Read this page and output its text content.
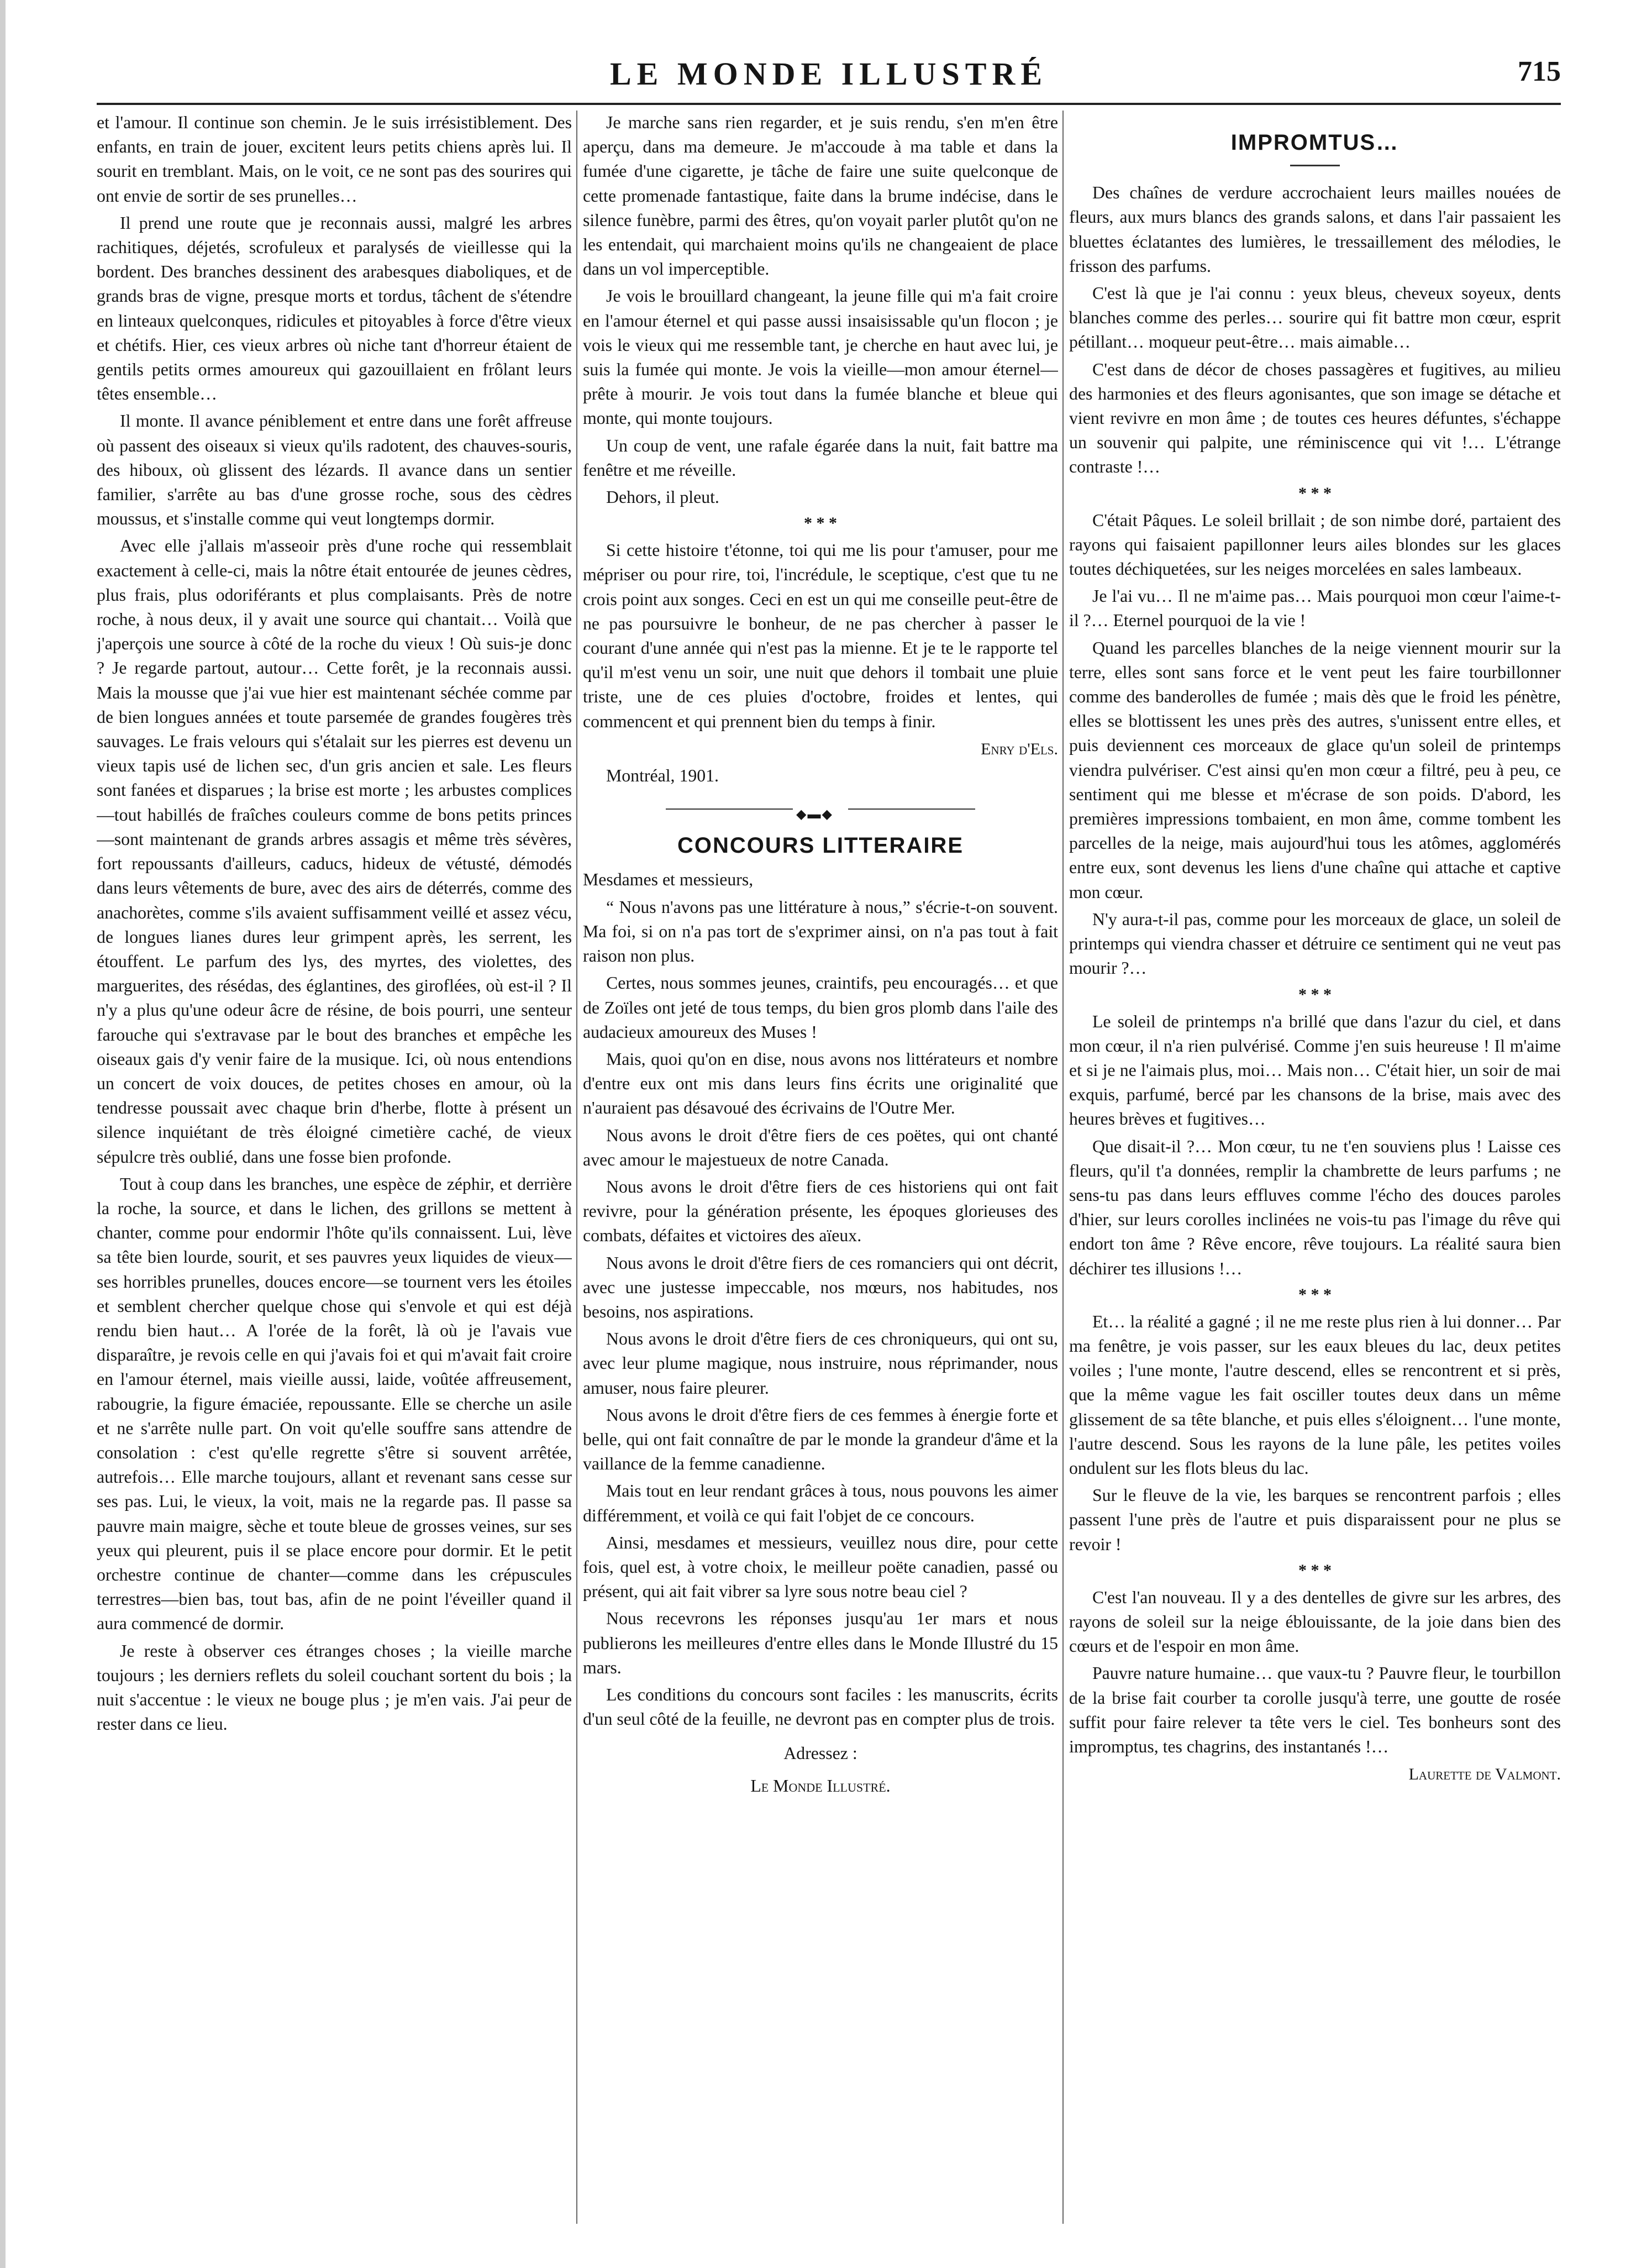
LE MONDE ILLUSTRÉ	715

et l'amour. Il continue son chemin. Je le suis irrésistiblement. Des enfants, en train de jouer, excitent leurs petits chiens après lui. Il sourit en tremblant. Mais, on le voit, ce ne sont pas des sourires qui ont envie de sortir de ses prunelles…

Il prend une route que je reconnais aussi, malgré les arbres rachitiques, déjetés, scrofuleux et paralysés de vieillesse qui la bordent. Des branches dessinent des arabesques diaboliques, et de grands bras de vigne, presque morts et tordus, tâchent de s'étendre en linteaux quelconques, ridicules et pitoyables à force d'être vieux et chétifs. Hier, ces vieux arbres où niche tant d'horreur étaient de gentils petits ormes amoureux qui gazouillaient en frôlant leurs têtes ensemble…

Il monte. Il avance péniblement et entre dans une forêt affreuse où passent des oiseaux si vieux qu'ils radotent, des chauves-souris, des hiboux, où glissent des lézards. Il avance dans un sentier familier, s'arrête au bas d'une grosse roche, sous des cèdres moussus, et s'installe comme qui veut longtemps dormir.

Avec elle j'allais m'asseoir près d'une roche qui ressemblait exactement à celle-ci, mais la nôtre était entourée de jeunes cèdres, plus frais, plus odoriférants et plus complaisants. Près de notre roche, à nous deux, il y avait une source qui chantait… Voilà que j'aperçois une source à côté de la roche du vieux ! Où suis-je donc ? Je regarde partout, autour… Cette forêt, je la reconnais aussi. Mais la mousse que j'ai vue hier est maintenant séchée comme par de bien longues années et toute parsemée de grandes fougères très sauvages. Le frais velours qui s'étalait sur les pierres est devenu un vieux tapis usé de lichen sec, d'un gris ancien et sale. Les fleurs sont fanées et disparues ; la brise est morte ; les arbustes complices —tout habillés de fraîches couleurs comme de bons petits princes—sont maintenant de grands arbres assagis et même très sévères, fort repoussants d'ailleurs, caducs, hideux de vétusté, démodés dans leurs vêtements de bure, avec des airs de déterrés, comme des anachorètes, comme s'ils avaient suffisamment veillé et assez vécu, de longues lianes dures leur grimpent après, les serrent, les étouffent. Le parfum des lys, des myrtes, des violettes, des marguerites, des résédas, des églantines, des giroflées, où est-il ? Il n'y a plus qu'une odeur âcre de résine, de bois pourri, une senteur farouche qui s'extravase par le bout des branches et empêche les oiseaux gais d'y venir faire de la musique. Ici, où nous entendions un concert de voix douces, de petites choses en amour, où la tendresse poussait avec chaque brin d'herbe, flotte à présent un silence inquiétant de très éloigné cimetière caché, de vieux sépulcre très oublié, dans une fosse bien profonde.

Tout à coup dans les branches, une espèce de zéphir, et derrière la roche, la source, et dans le lichen, des grillons se mettent à chanter, comme pour endormir l'hôte qu'ils connaissent. Lui, lève sa tête bien lourde, sourit, et ses pauvres yeux liquides de vieux—ses horribles prunelles, douces encore—se tournent vers les étoiles et semblent chercher quelque chose qui s'envole et qui est déjà rendu bien haut… A l'orée de la forêt, là où je l'avais vue disparaître, je revois celle en qui j'avais foi et qui m'avait fait croire en l'amour éternel, mais vieille aussi, laide, voûtée affreusement, rabougrie, la figure émaciée, repoussante. Elle se cherche un asile et ne s'arrête nulle part. On voit qu'elle souffre sans attendre de consolation : c'est qu'elle regrette s'être si souvent arrêtée, autrefois… Elle marche toujours, allant et revenant sans cesse sur ses pas. Lui, le vieux, la voit, mais ne la regarde pas. Il passe sa pauvre main maigre, sèche et toute bleue de grosses veines, sur ses yeux qui pleurent, puis il se place encore pour dormir. Et le petit orchestre continue de chanter—comme dans les crépuscules terrestres—bien bas, tout bas, afin de ne point l'éveiller quand il aura commencé de dormir.

Je reste à observer ces étranges choses ; la vieille marche toujours ; les derniers reflets du soleil couchant sortent du bois ; la nuit s'accentue : le vieux ne bouge plus ; je m'en vais. J'ai peur de rester dans ce lieu.

Je marche sans rien regarder, et je suis rendu, s'en m'en être aperçu, dans ma demeure. Je m'accoude à ma table et dans la fumée d'une cigarette, je tâche de faire une suite quelconque de cette promenade fantastique, faite dans la brume indécise, dans le silence funèbre, parmi des êtres, qu'on voyait parler plutôt qu'on ne les entendait, qui marchaient moins qu'ils ne changeaient de place dans un vol imperceptible.

Je vois le brouillard changeant, la jeune fille qui m'a fait croire en l'amour éternel et qui passe aussi insaisissable qu'un flocon ; je vois le vieux qui me ressemble tant, je cherche en haut avec lui, je suis la fumée qui monte. Je vois la vieille—mon amour éternel—prête à mourir. Je vois tout dans la fumée blanche et bleue qui monte, qui monte toujours.

Un coup de vent, une rafale égarée dans la nuit, fait battre ma fenêtre et me réveille.

Dehors, il pleut.

* * *

Si cette histoire t'étonne, toi qui me lis pour t'amuser, pour me mépriser ou pour rire, toi, l'incrédule, le sceptique, c'est que tu ne crois point aux songes. Ceci en est un qui me conseille peut-être de ne pas poursuivre le bonheur, de ne pas chercher à passer le courant d'une année qui n'est pas la mienne. Et je te le rapporte tel qu'il m'est venu un soir, une nuit que dehors il tombait une pluie triste, une de ces pluies d'octobre, froides et lentes, qui commencent et qui prennent bien du temps à finir.

Enry d'Els.

Montréal, 1901.

◆▬◆
CONCOURS LITTERAIRE

Mesdames et messieurs,

“ Nous n'avons pas une littérature à nous,” s'écrie-t-on souvent. Ma foi, si on n'a pas tort de s'exprimer ainsi, on n'a pas tout à fait raison non plus.

Certes, nous sommes jeunes, craintifs, peu encouragés… et que de Zoïles ont jeté de tous temps, du bien gros plomb dans l'aile des audacieux amoureux des Muses !

Mais, quoi qu'on en dise, nous avons nos littérateurs et nombre d'entre eux ont mis dans leurs fins écrits une originalité que n'auraient pas désavoué des écrivains de l'Outre Mer.

Nous avons le droit d'être fiers de ces poëtes, qui ont chanté avec amour le majestueux de notre Canada.

Nous avons le droit d'être fiers de ces historiens qui ont fait revivre, pour la génération présente, les époques glorieuses des combats, défaites et victoires des aïeux.

Nous avons le droit d'être fiers de ces romanciers qui ont décrit, avec une justesse impeccable, nos mœurs, nos habitudes, nos besoins, nos aspirations.

Nous avons le droit d'être fiers de ces chroniqueurs, qui ont su, avec leur plume magique, nous instruire, nous réprimander, nous amuser, nous faire pleurer.

Nous avons le droit d'être fiers de ces femmes à énergie forte et belle, qui ont fait connaître de par le monde la grandeur d'âme et la vaillance de la femme canadienne.

Mais tout en leur rendant grâces à tous, nous pouvons les aimer différemment, et voilà ce qui fait l'objet de ce concours.

Ainsi, mesdames et messieurs, veuillez nous dire, pour cette fois, quel est, à votre choix, le meilleur poëte canadien, passé ou présent, qui ait fait vibrer sa lyre sous notre beau ciel ?

Nous recevrons les réponses jusqu'au 1er mars et nous publierons les meilleures d'entre elles dans le Monde Illustré du 15 mars.

Les conditions du concours sont faciles : les manuscrits, écrits d'un seul côté de la feuille, ne devront pas en compter plus de trois.

Adressez :

Le Monde Illustré.

IMPROMTUS…

Des chaînes de verdure accrochaient leurs mailles nouées de fleurs, aux murs blancs des grands salons, et dans l'air passaient les bluettes éclatantes des lumières, le tressaillement des mélodies, le frisson des parfums.

C'est là que je l'ai connu : yeux bleus, cheveux soyeux, dents blanches comme des perles… sourire qui fit battre mon cœur, esprit pétillant… moqueur peut-être… mais aimable…

C'est dans de décor de choses passagères et fugitives, au milieu des harmonies et des fleurs agonisantes, que son image se détache et vient revivre en mon âme ; de toutes ces heures défuntes, s'échappe un souvenir qui palpite, une réminiscence qui vit !… L'étrange contraste !…

* * *

C'était Pâques. Le soleil brillait ; de son nimbe doré, partaient des rayons qui faisaient papillonner leurs ailes blondes sur les glaces toutes déchiquetées, sur les neiges morcelées en sales lambeaux.

Je l'ai vu… Il ne m'aime pas… Mais pourquoi mon cœur l'aime-t-il ?… Eternel pourquoi de la vie !

Quand les parcelles blanches de la neige viennent mourir sur la terre, elles sont sans force et le vent peut les faire tourbillonner comme des banderolles de fumée ; mais dès que le froid les pénètre, elles se blottissent les unes près des autres, s'unissent entre elles, et puis deviennent ces morceaux de glace qu'un soleil de printemps viendra pulvériser. C'est ainsi qu'en mon cœur a filtré, peu à peu, ce sentiment qui me blesse et m'écrase de son poids. D'abord, les premières impressions tombaient, en mon âme, comme tombent les parcelles de la neige, mais aujourd'hui tous les atômes, agglomérés entre eux, sont devenus les liens d'une chaîne qui attache et captive mon cœur.

N'y aura-t-il pas, comme pour les morceaux de glace, un soleil de printemps qui viendra chasser et détruire ce sentiment qui ne veut pas mourir ?…

* * *

Le soleil de printemps n'a brillé que dans l'azur du ciel, et dans mon cœur, il n'a rien pulvérisé. Comme j'en suis heureuse ! Il m'aime et si je ne l'aimais plus, moi… Mais non… C'était hier, un soir de mai exquis, parfumé, bercé par les chansons de la brise, mais avec des heures brèves et fugitives…

Que disait-il ?… Mon cœur, tu ne t'en souviens plus ! Laisse ces fleurs, qu'il t'a données, remplir la chambrette de leurs parfums ; ne sens-tu pas dans leurs effluves comme l'écho des douces paroles d'hier, sur leurs corolles inclinées ne vois-tu pas l'image du rêve qui endort ton âme ? Rêve encore, rêve toujours. La réalité saura bien déchirer tes illusions !…

* * *

Et… la réalité a gagné ; il ne me reste plus rien à lui donner… Par ma fenêtre, je vois passer, sur les eaux bleues du lac, deux petites voiles ; l'une monte, l'autre descend, elles se rencontrent et si près, que la même vague les fait osciller toutes deux dans un même glissement de sa tête blanche, et puis elles s'éloignent… l'une monte, l'autre descend. Sous les rayons de la lune pâle, les petites voiles ondulent sur les flots bleus du lac.

Sur le fleuve de la vie, les barques se rencontrent parfois ; elles passent l'une près de l'autre et puis disparaissent pour ne plus se revoir !

* * *

C'est l'an nouveau. Il y a des dentelles de givre sur les arbres, des rayons de soleil sur la neige éblouissante, de la joie dans bien des cœurs et de l'espoir en mon âme.

Pauvre nature humaine… que vaux-tu ? Pauvre fleur, le tourbillon de la brise fait courber ta corolle jusqu'à terre, une goutte de rosée suffit pour faire relever ta tête vers le ciel. Tes bonheurs sont des impromptus, tes chagrins, des instantanés !…

Laurette de Valmont.
